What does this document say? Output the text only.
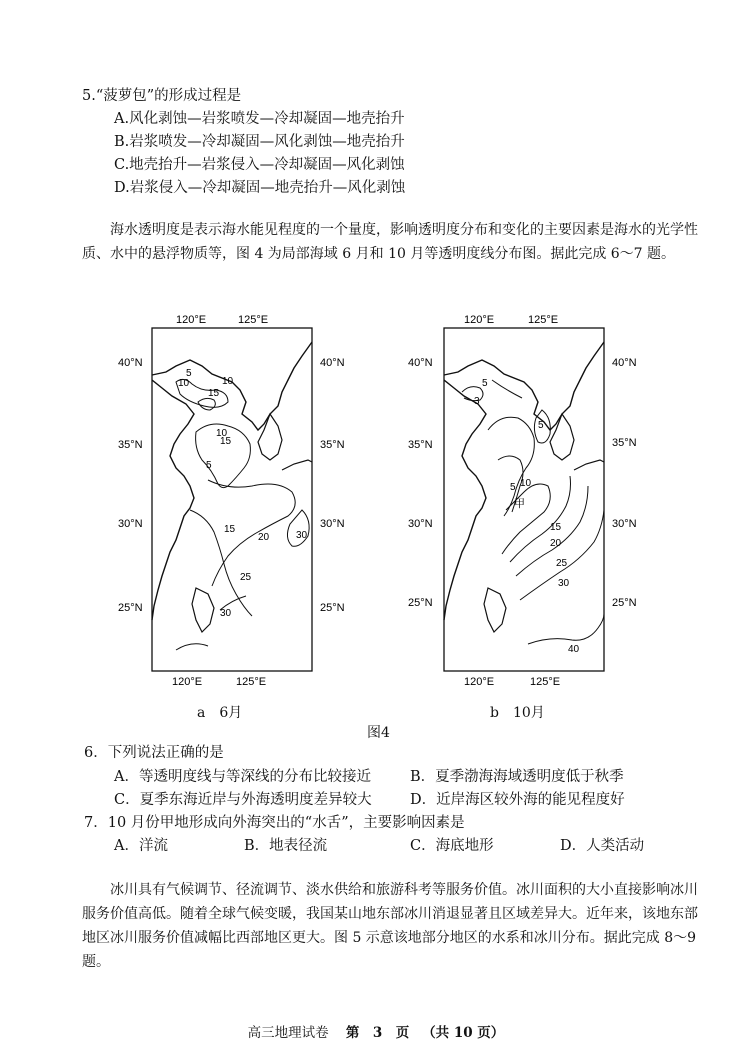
5.“菠萝包”的形成过程是
A.风化剥蚀—岩浆喷发—冷却凝固—地壳抬升
B.岩浆喷发—冷却凝固—风化剥蚀—地壳抬升
C.地壳抬升—岩浆侵入—冷却凝固—风化剥蚀
D.岩浆侵入—冷却凝固—地壳抬升—风化剥蚀
海水透明度是表示海水能见程度的一个量度，影响透明度分布和变化的主要因素是海水的光学性质、水中的悬浮物质等，图 4 为局部海域 6 月和 10 月等透明度线分布图。据此完成 6～7 题。
120°E	125°E
120°E	125°E
40°N
35°N
30°N
25°N
40°N
35°N
30°N
25°N
5
10	10
15
10
15
5
15
20	30
25
30
120°E	125°E
120°E	125°E
40°N
35°N
30°N
25°N
40°N
35°N
30°N
25°N
5
3
5
5 10
15
20
25
30
40
甲
a　6月	b　10月
图4
6．下列说法正确的是
A．等透明度线与等深线的分布比较接近	B．夏季渤海海域透明度低于秋季
C．夏季东海近岸与外海透明度差异较大	D．近岸海区较外海的能见程度好
7．10 月份甲地形成向外海突出的“水舌”，主要影响因素是
A．洋流	B．地表径流	C．海底地形	D．人类活动
冰川具有气候调节、径流调节、淡水供给和旅游科考等服务价值。冰川面积的大小直接影响冰川服务价值高低。随着全球气候变暖，我国某山地东部冰川消退显著且区域差异大。近年来，该地东部地区冰川服务价值减幅比西部地区更大。图 5 示意该地部分地区的水系和冰川分布。据此完成 8～9 题。
高三地理试卷 第　3　页 （共 10 页）
